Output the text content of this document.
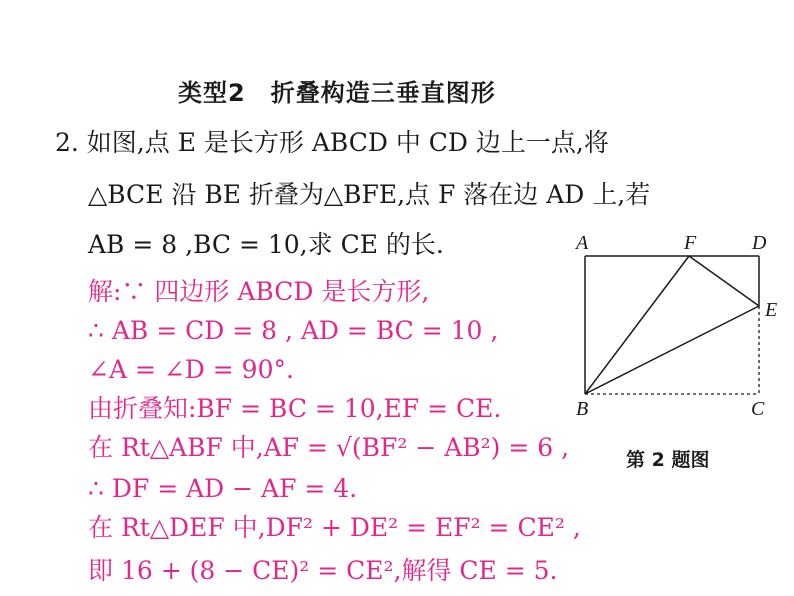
类型2　折叠构造三垂直图形
2. 如图,点 E 是长方形 ABCD 中 CD 边上一点,将
△BCE 沿 BE 折叠为△BFE,点 F 落在边 AD 上,若
AB = 8 ,BC = 10,求 CE 的长.
解:∵ 四边形 ABCD 是长方形,
∴ AB = CD = 8 , AD = BC = 10 ,
∠A = ∠D = 90°.
由折叠知:BF = BC = 10,EF = CE.
在 Rt△ABF 中,AF = √(BF² − AB²) = 6 ,
∴ DF = AD − AF = 4.
在 Rt△DEF 中,DF² + DE² = EF² = CE² ,
即 16 + (8 − CE)² = CE²,解得 CE = 5.
A	F	D
E
B	C
第 2 题图
